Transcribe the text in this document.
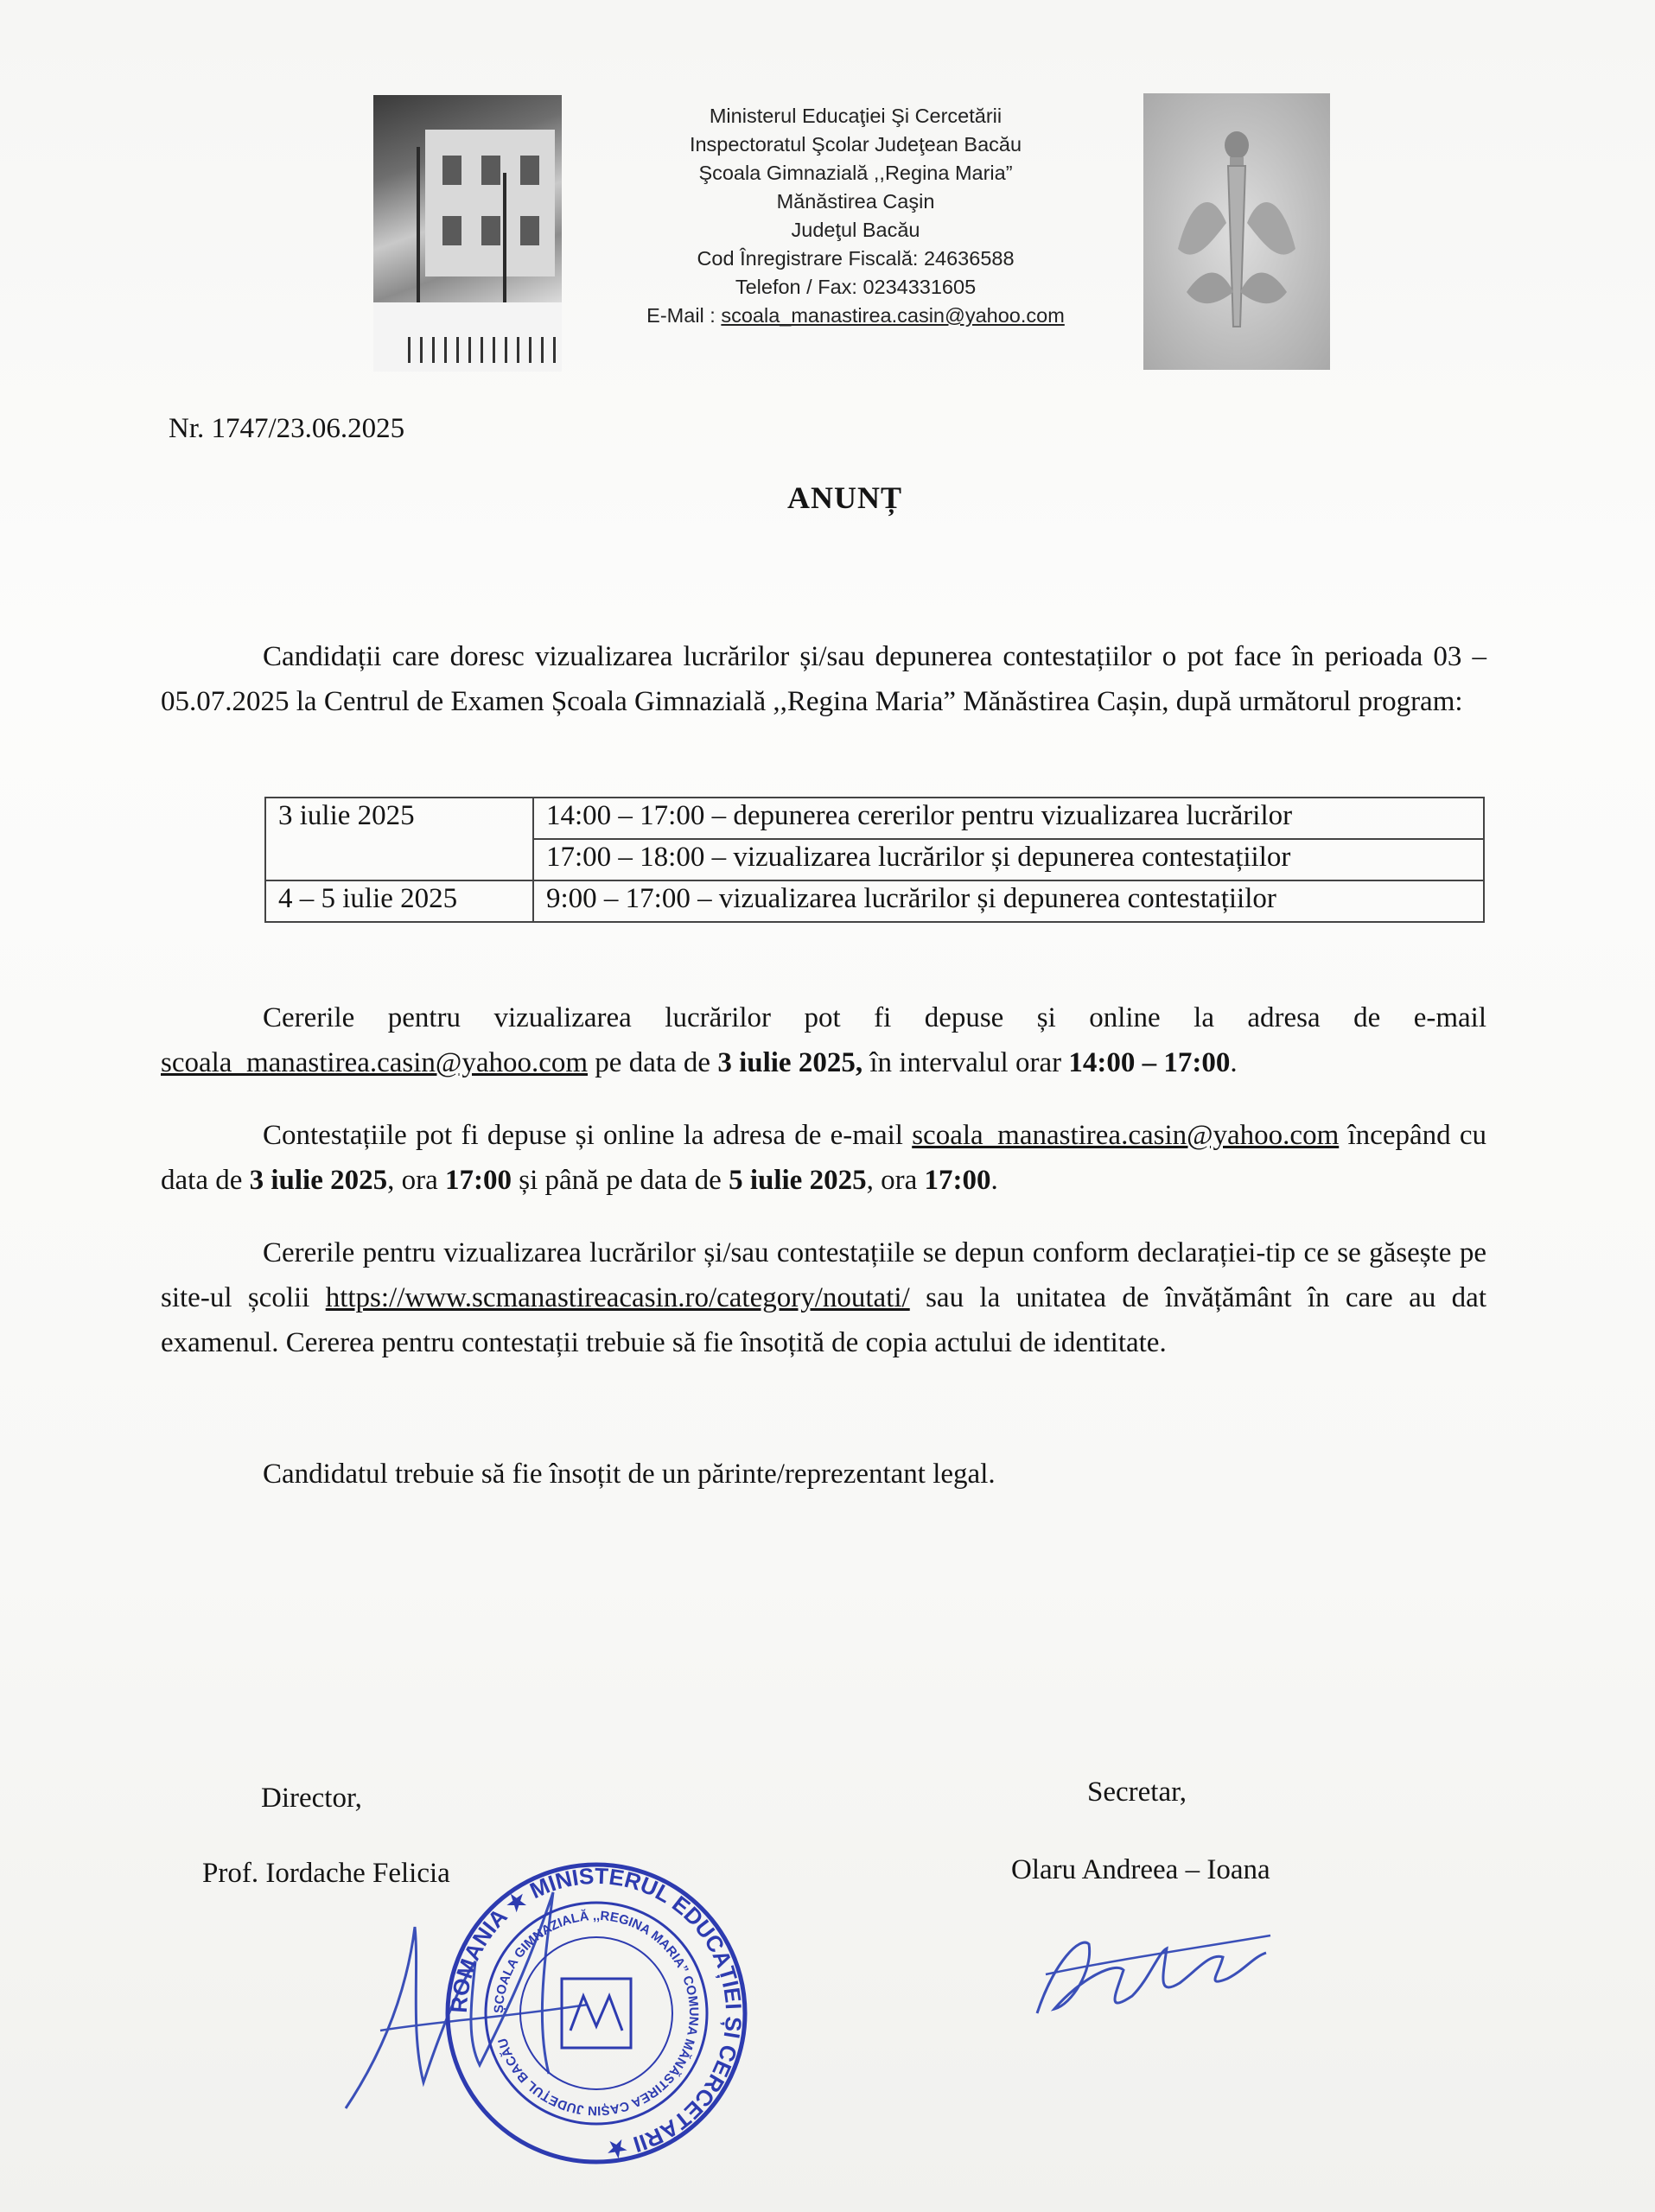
Ministerul Educaţiei Şi Cercetării
Inspectoratul Şcolar Judeţean Bacău
Şcoala Gimnazială ,,Regina Maria”
Mănăstirea Caşin
Judeţul Bacău
Cod Înregistrare Fiscală: 24636588
Telefon / Fax: 0234331605
E-Mail : scoala_manastirea.casin@yahoo.com
Nr. 1747/23.06.2025
ANUNȚ
Candidații care doresc vizualizarea lucrărilor și/sau depunerea contestațiilor o pot face în perioada 03 – 05.07.2025 la Centrul de Examen Școala Gimnazială ,,Regina Maria” Mănăstirea Cașin, după următorul program:
3 iulie 2025	14:00 – 17:00 – depunerea cererilor pentru vizualizarea lucrărilor
	17:00 – 18:00 – vizualizarea lucrărilor și depunerea contestațiilor
4 – 5 iulie 2025	9:00 – 17:00 – vizualizarea lucrărilor și depunerea contestațiilor
Cererile pentru vizualizarea lucrărilor pot fi depuse și online la adresa de e-mail scoala_manastirea.casin@yahoo.com pe data de 3 iulie 2025, în intervalul orar 14:00 – 17:00.
Contestațiile pot fi depuse și online la adresa de e-mail scoala_manastirea.casin@yahoo.com începând cu data de 3 iulie 2025, ora 17:00 și până pe data de 5 iulie 2025, ora 17:00.
Cererile pentru vizualizarea lucrărilor și/sau contestațiile se depun conform declarației-tip ce se găsește pe site-ul școlii https://www.scmanastireacasin.ro/category/noutati/ sau la unitatea de învățământ în care au dat examenul. Cererea pentru contestații trebuie să fie însoțită de copia actului de identitate.
Candidatul trebuie să fie însoțit de un părinte/reprezentant legal.
Director,
Prof. Iordache Felicia
Secretar,
Olaru Andreea – Ioana
ROMÂNIA ★ MINISTERUL EDUCAȚIEI ȘI CERCETĂRII ★
ȘCOALA GIMNAZIALĂ ,,REGINA MARIA” COMUNA MĂNĂSTIREA CAȘIN JUDEȚUL BACĂU
